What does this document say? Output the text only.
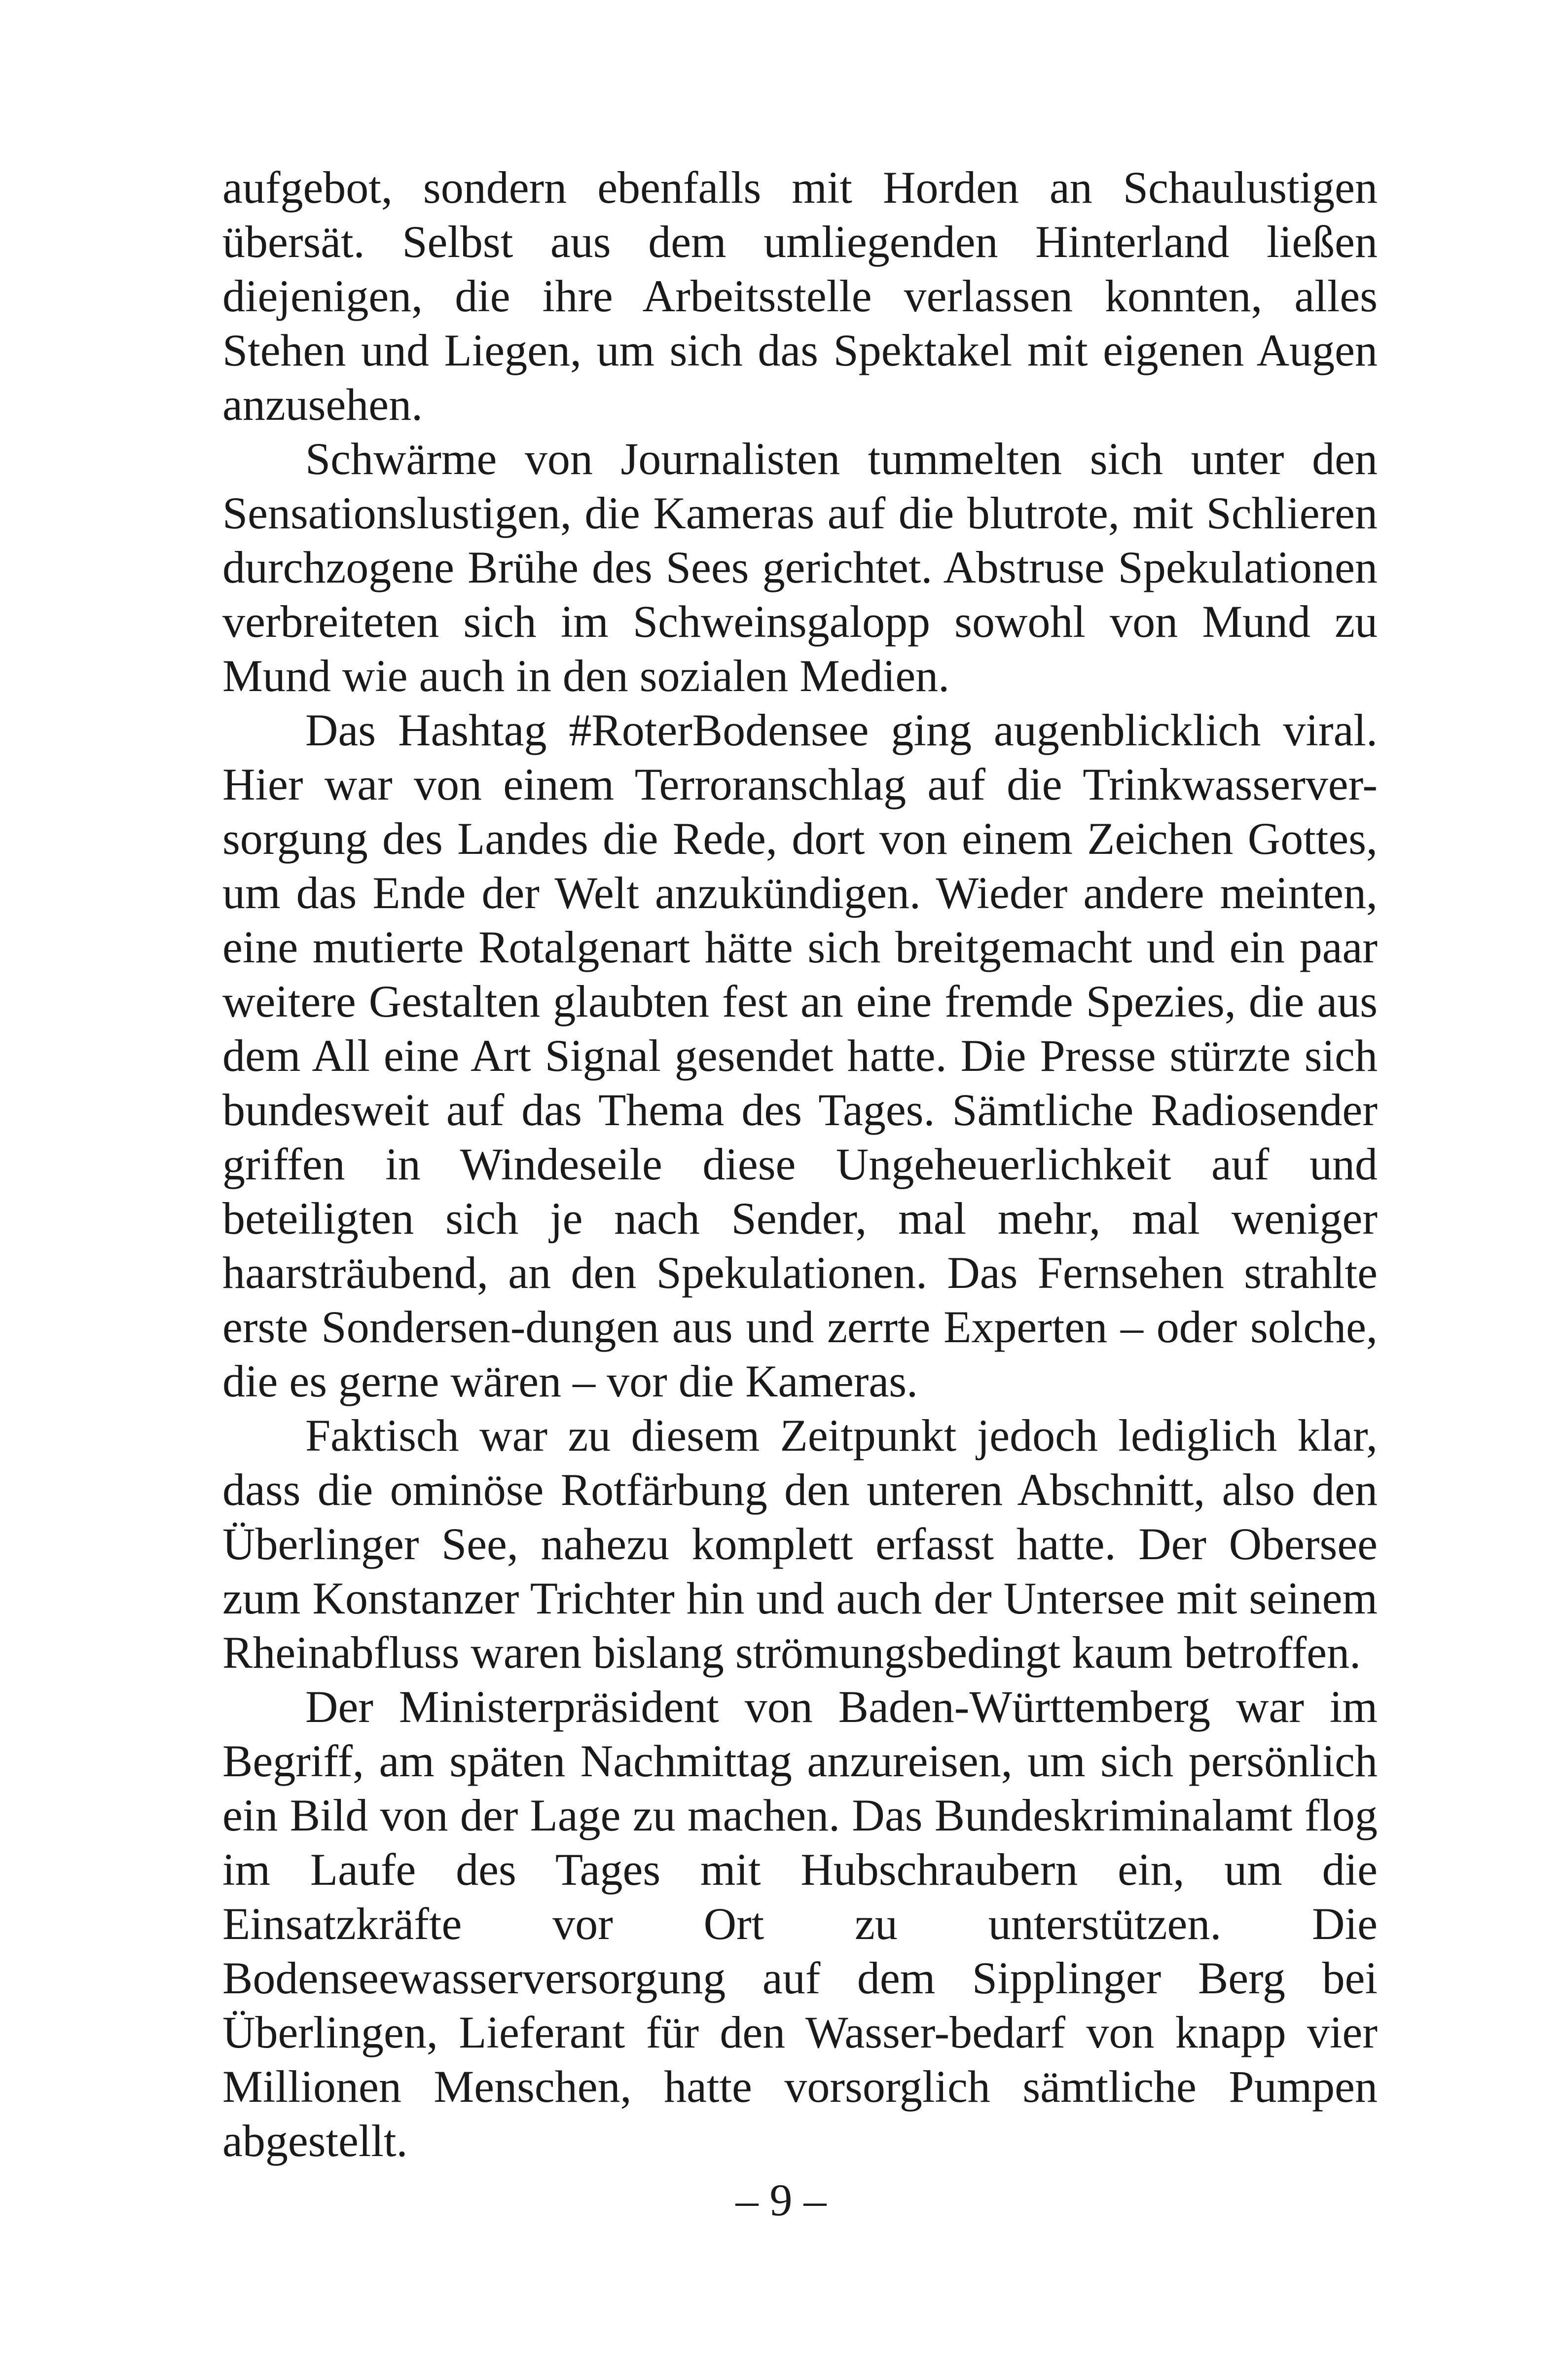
aufgebot, sondern ebenfalls mit Horden an Schaulustigen übersät. Selbst aus dem umliegenden Hinterland ließen diejenigen, die ihre Arbeitsstelle verlassen konnten, alles Stehen und Liegen, um sich das Spektakel mit eigenen Augen anzusehen.

Schwärme von Journalisten tummelten sich unter den Sensationslustigen, die Kameras auf die blutrote, mit Schlieren durchzogene Brühe des Sees gerichtet. Abstruse Spekulationen verbreiteten sich im Schweinsgalopp sowohl von Mund zu Mund wie auch in den sozialen Medien.

Das Hashtag #RoterBodensee ging augenblicklich viral. Hier war von einem Terroranschlag auf die Trinkwasserver-sorgung des Landes die Rede, dort von einem Zeichen Gottes, um das Ende der Welt anzukündigen. Wieder andere meinten, eine mutierte Rotalgenart hätte sich breitgemacht und ein paar weitere Gestalten glaubten fest an eine fremde Spezies, die aus dem All eine Art Signal gesendet hatte. Die Presse stürzte sich bundesweit auf das Thema des Tages. Sämtliche Radiosender griffen in Windeseile diese Ungeheuerlichkeit auf und beteiligten sich je nach Sender, mal mehr, mal weniger haarsträubend, an den Spekulationen. Das Fernsehen strahlte erste Sondersen-dungen aus und zerrte Experten – oder solche, die es gerne wären – vor die Kameras.

Faktisch war zu diesem Zeitpunkt jedoch lediglich klar, dass die ominöse Rotfärbung den unteren Abschnitt, also den Überlinger See, nahezu komplett erfasst hatte. Der Obersee zum Konstanzer Trichter hin und auch der Untersee mit seinem Rheinabfluss waren bislang strömungsbedingt kaum betroffen.

Der Ministerpräsident von Baden-Württemberg war im Begriff, am späten Nachmittag anzureisen, um sich persönlich ein Bild von der Lage zu machen. Das Bundeskriminalamt flog im Laufe des Tages mit Hubschraubern ein, um die Einsatzkräfte vor Ort zu unterstützen. Die Bodenseewasserversorgung auf dem Sipplinger Berg bei Überlingen, Lieferant für den Wasser-bedarf von knapp vier Millionen Menschen, hatte vorsorglich sämtliche Pumpen abgestellt.

– 9 –
